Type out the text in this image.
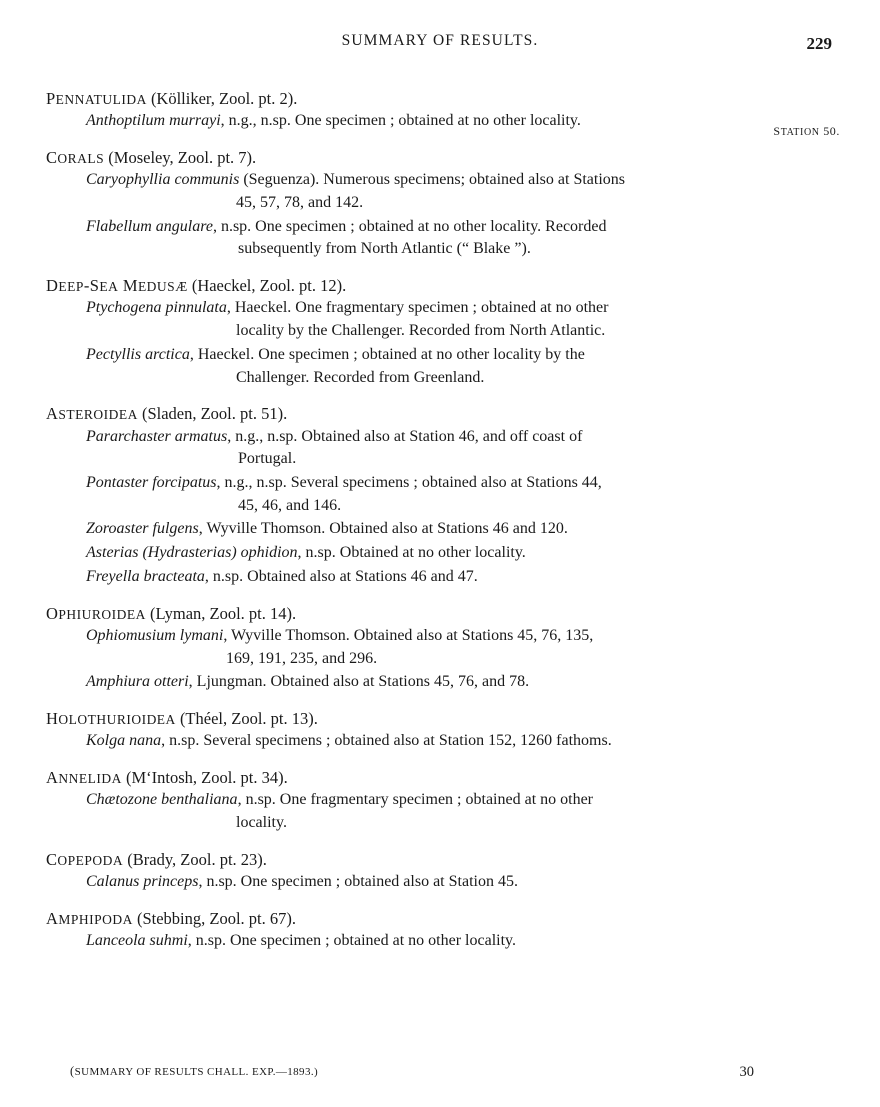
SUMMARY OF RESULTS.	229
STATION 50.
PENNATULIDA (Kölliker, Zool. pt. 2).
Anthoptilum murrayi, n.g., n.sp. One specimen ; obtained at no other locality.
CORALS (Moseley, Zool. pt. 7).
Caryophyllia communis (Seguenza). Numerous specimens; obtained also at Stations
45, 57, 78, and 142.
Flabellum angulare, n.sp. One specimen ; obtained at no other locality. Recorded
subsequently from North Atlantic (“ Blake ”).
DEEP-SEA MEDUSÆ (Haeckel, Zool. pt. 12).
Ptychogena pinnulata, Haeckel. One fragmentary specimen ; obtained at no other
locality by the Challenger. Recorded from North Atlantic.
Pectyllis arctica, Haeckel. One specimen ; obtained at no other locality by the
Challenger. Recorded from Greenland.
ASTEROIDEA (Sladen, Zool. pt. 51).
Pararchaster armatus, n.g., n.sp. Obtained also at Station 46, and off coast of
Portugal.
Pontaster forcipatus, n.g., n.sp. Several specimens ; obtained also at Stations 44,
45, 46, and 146.
Zoroaster fulgens, Wyville Thomson. Obtained also at Stations 46 and 120.
Asterias (Hydrasterias) ophidion, n.sp. Obtained at no other locality.
Freyella bracteata, n.sp. Obtained also at Stations 46 and 47.
OPHIUROIDEA (Lyman, Zool. pt. 14).
Ophiomusium lymani, Wyville Thomson. Obtained also at Stations 45, 76, 135,
169, 191, 235, and 296.
Amphiura otteri, Ljungman. Obtained also at Stations 45, 76, and 78.
HOLOTHURIOIDEA (Théel, Zool. pt. 13).
Kolga nana, n.sp. Several specimens ; obtained also at Station 152, 1260 fathoms.
ANNELIDA (M‘Intosh, Zool. pt. 34).
Chætozone benthaliana, n.sp. One fragmentary specimen ; obtained at no other
locality.
COPEPODA (Brady, Zool. pt. 23).
Calanus princeps, n.sp. One specimen ; obtained also at Station 45.
AMPHIPODA (Stebbing, Zool. pt. 67).
Lanceola suhmi, n.sp. One specimen ; obtained at no other locality.
(SUMMARY OF RESULTS CHALL. EXP.—1893.)	30
